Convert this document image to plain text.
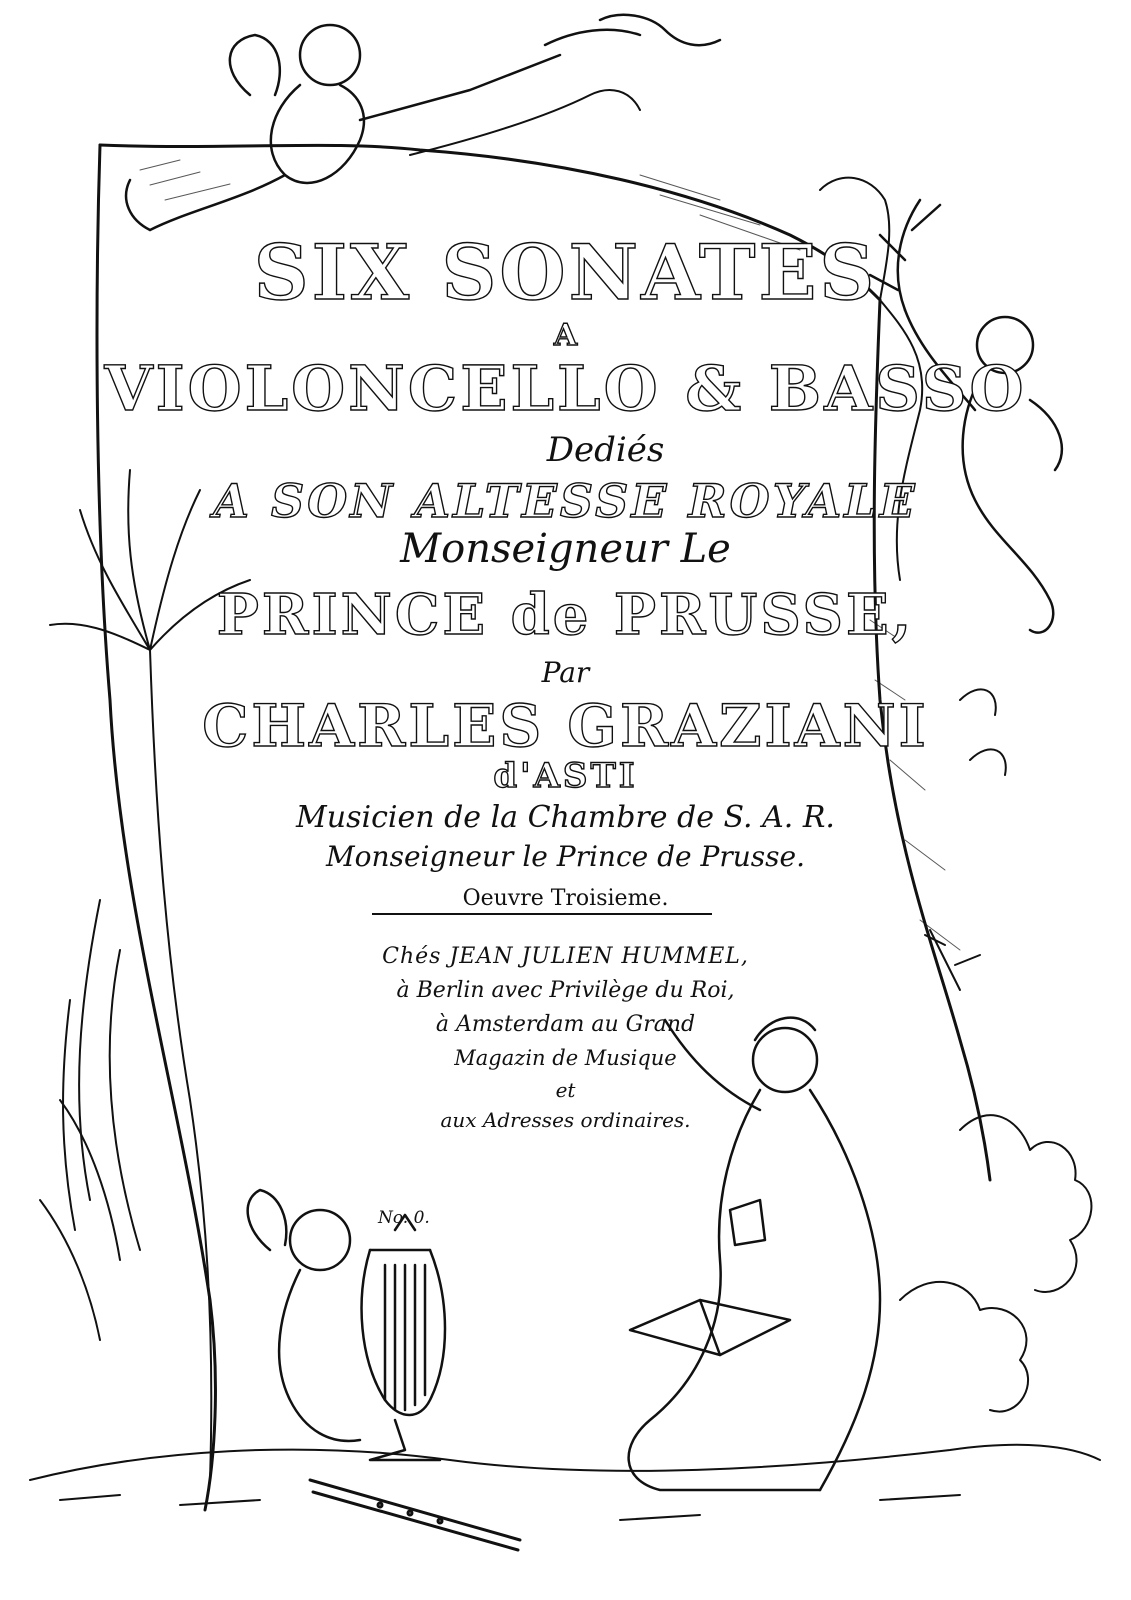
SIX SONATES
A
VIOLONCELLO & BASSO
Dediés
A SON ALTESSE ROYALE
Monseigneur Le
PRINCE de PRUSSE,
Par
CHARLES GRAZIANI
d'ASTI
Musicien de la Chambre de S. A. R.
Monseigneur le Prince de Prusse.
Oeuvre Troisieme.
Chés JEAN JULIEN HUMMEL,
à Berlin avec Privilège du Roi,
à Amsterdam au Grand
Magazin de Musique
et
aux Adresses ordinaires.
No. 0.
